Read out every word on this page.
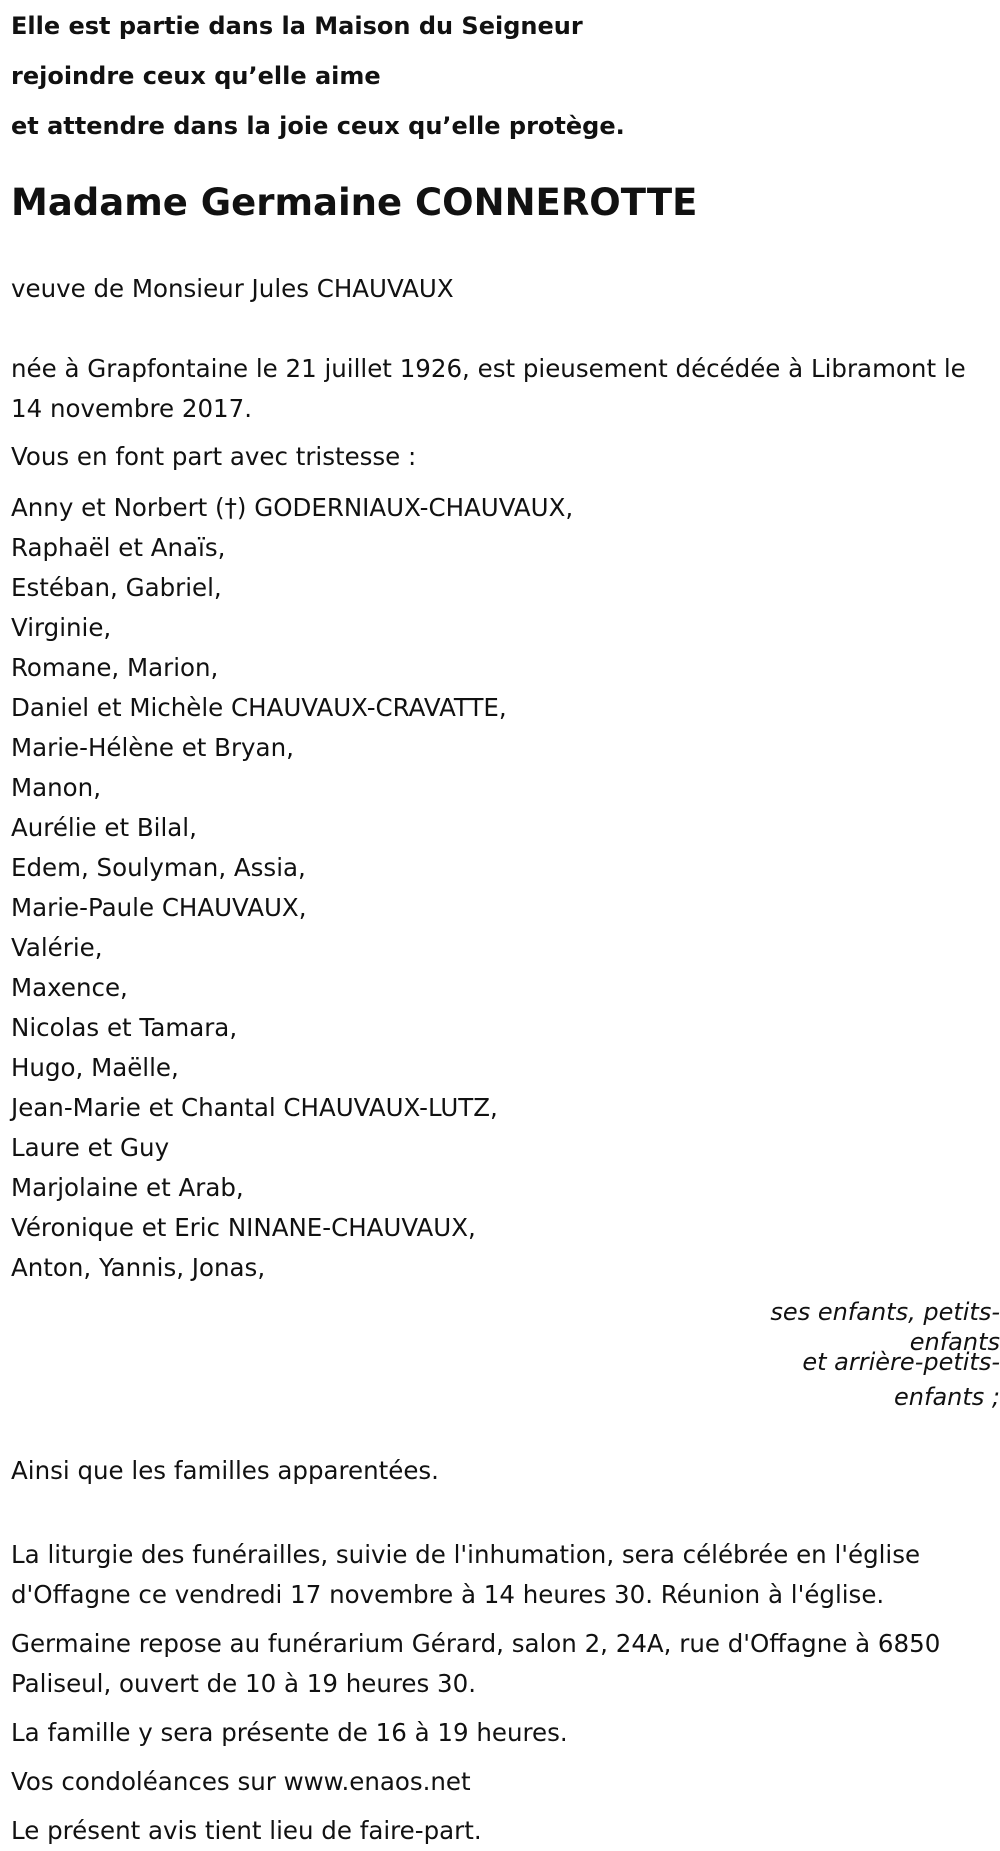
Elle est partie dans la Maison du Seigneur

rejoindre ceux qu’elle aime

et attendre dans la joie ceux qu’elle protège.

Madame Germaine CONNEROTTE

veuve de Monsieur Jules CHAUVAUX

née à Grapfontaine le 21 juillet 1926, est pieusement décédée à Libramont le 14 novembre 2017.

Vous en font part avec tristesse :

Anny et Norbert (†) GODERNIAUX-CHAUVAUX,
Raphaël et Anaïs,
Estéban, Gabriel,
Virginie,
Romane, Marion,
Daniel et Michèle CHAUVAUX-CRAVATTE,
Marie-Hélène et Bryan,
Manon,
Aurélie et Bilal,
Edem, Soulyman, Assia,
Marie-Paule CHAUVAUX,
Valérie,
Maxence,
Nicolas et Tamara,
Hugo, Maëlle,
Jean-Marie et Chantal CHAUVAUX-LUTZ,
Laure et Guy
Marjolaine et Arab,
Véronique et Eric NINANE-CHAUVAUX,
Anton, Yannis, Jonas,
ses enfants, petits-
enfants
et arrière-petits-
enfants ;

Ainsi que les familles apparentées.

La liturgie des funérailles, suivie de l'inhumation, sera célébrée en l'église d'Offagne ce vendredi 17 novembre à 14 heures 30. Réunion à l'église.

Germaine repose au funérarium Gérard, salon 2, 24A, rue d'Offagne à 6850 Paliseul, ouvert de 10 à 19 heures 30.

La famille y sera présente de 16 à 19 heures.

Vos condoléances sur www.enaos.net

Le présent avis tient lieu de faire-part.
